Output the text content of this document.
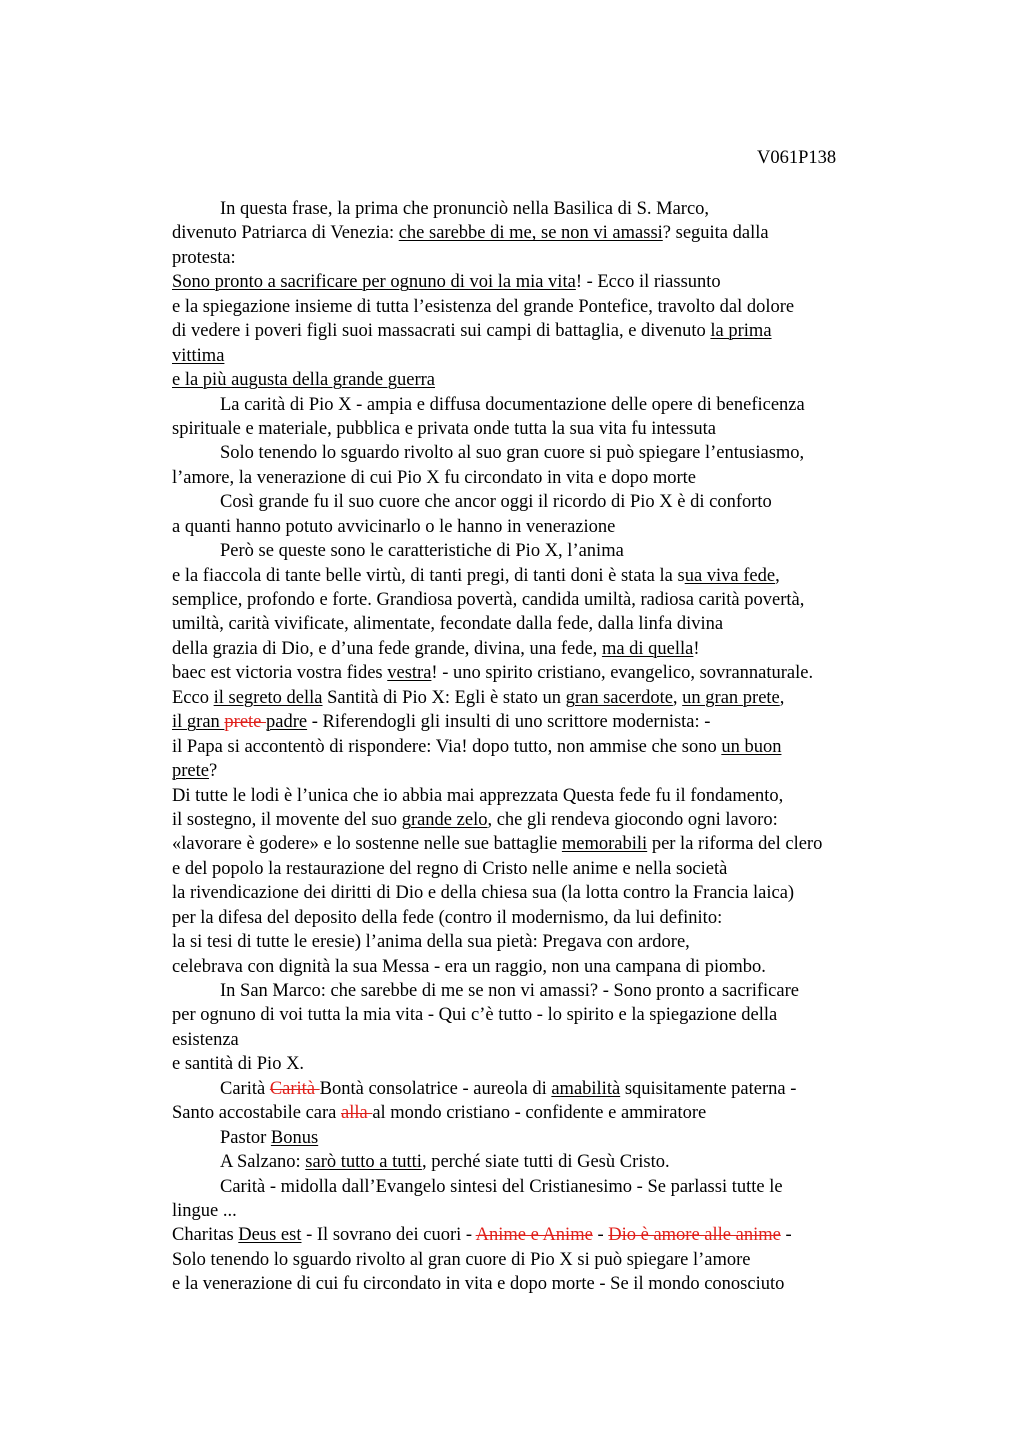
V061P138
In questa frase, la prima che pronunciò nella Basilica di S. Marco,
divenuto Patriarca di Venezia: che sarebbe di me, se non vi amassi? seguita dalla
protesta:
Sono pronto a sacrificare per ognuno di voi la mia vita! - Ecco il riassunto
e la spiegazione insieme di tutta l’esistenza del grande Pontefice, travolto dal dolore
di vedere i poveri figli suoi massacrati sui campi di battaglia, e divenuto la prima
vittima
e la più augusta della grande guerra
La carità di Pio X - ampia e diffusa documentazione delle opere di beneficenza
spirituale e materiale, pubblica e privata onde tutta la sua vita fu intessuta
Solo tenendo lo sguardo rivolto al suo gran cuore si può spiegare l’entusiasmo,
l’amore, la venerazione di cui Pio X fu circondato in vita e dopo morte
Così grande fu il suo cuore che ancor oggi il ricordo di Pio X è di conforto
a quanti hanno potuto avvicinarlo o le hanno in venerazione
Però se queste sono le caratteristiche di Pio X, l’anima
e la fiaccola di tante belle virtù, di tanti pregi, di tanti doni è stata la sua viva fede,
semplice, profondo e forte. Grandiosa povertà, candida umiltà, radiosa carità povertà,
umiltà, carità vivificate, alimentate, fecondate dalla fede, dalla linfa divina
della grazia di Dio, e d’una fede grande, divina, una fede, ma di quella!
baec est victoria vostra fides vestra! - uno spirito cristiano, evangelico, sovrannaturale.
Ecco il segreto della Santità di Pio X: Egli è stato un gran sacerdote, un gran prete,
il gran prete padre - Riferendogli gli insulti di uno scrittore modernista: -
il Papa si accontentò di rispondere: Via! dopo tutto, non ammise che sono un buon
prete?
Di tutte le lodi è l’unica che io abbia mai apprezzata Questa fede fu il fondamento,
il sostegno, il movente del suo grande zelo, che gli rendeva giocondo ogni lavoro:
«lavorare è godere» e lo sostenne nelle sue battaglie memorabili per la riforma del clero
e del popolo la restaurazione del regno di Cristo nelle anime e nella società
la rivendicazione dei diritti di Dio e della chiesa sua (la lotta contro la Francia laica)
per la difesa del deposito della fede (contro il modernismo, da lui definito:
la si tesi di tutte le eresie) l’anima della sua pietà: Pregava con ardore,
celebrava con dignità la sua Messa - era un raggio, non una campana di piombo.
In San Marco: che sarebbe di me se non vi amassi? - Sono pronto a sacrificare
per ognuno di voi tutta la mia vita - Qui c’è tutto - lo spirito e la spiegazione della
esistenza
e santità di Pio X.
Carità Carità Bontà consolatrice - aureola di amabilità squisitamente paterna -
Santo accostabile cara alla al mondo cristiano - confidente e ammiratore
Pastor Bonus
A Salzano: sarò tutto a tutti, perché siate tutti di Gesù Cristo.
Carità - midolla dall’Evangelo sintesi del Cristianesimo - Se parlassi tutte le
lingue ...
Charitas Deus est - Il sovrano dei cuori - Anime e Anime - Dio è amore alle anime -
Solo tenendo lo sguardo rivolto al gran cuore di Pio X si può spiegare l’amore
e la venerazione di cui fu circondato in vita e dopo morte - Se il mondo conosciuto
